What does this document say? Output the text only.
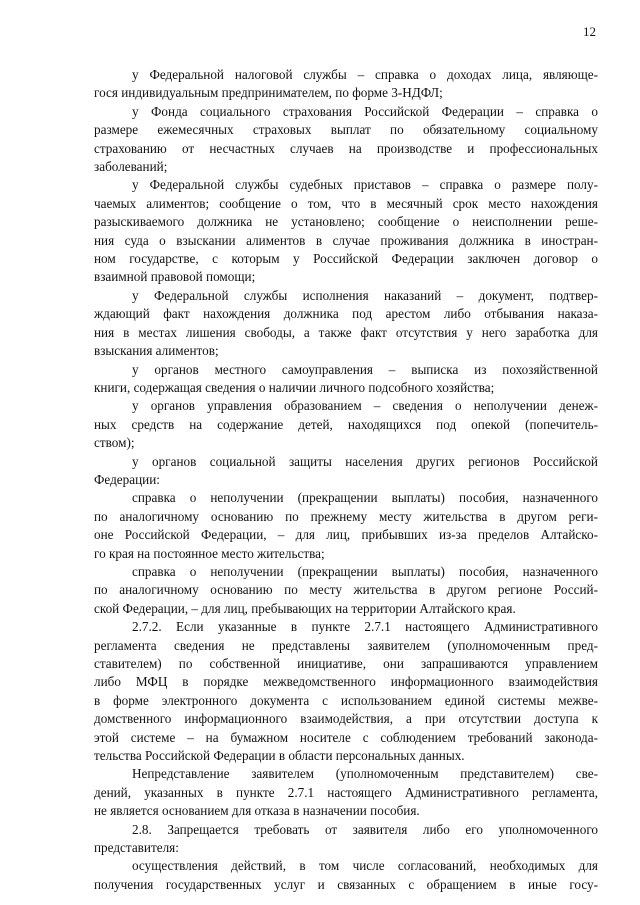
12
у Федеральной налоговой службы – справка о доходах лица, являюще-
гося индивидуальным предпринимателем, по форме 3-НДФЛ;
у Фонда социального страхования Российской Федерации – справка о
размере ежемесячных страховых выплат по обязательному социальному
страхованию от несчастных случаев на производстве и профессиональных
заболеваний;
у Федеральной службы судебных приставов – справка о размере полу-
чаемых алиментов; сообщение о том, что в месячный срок место нахождения
разыскиваемого должника не установлено; сообщение о неисполнении реше-
ния суда о взыскании алиментов в случае проживания должника в иностран-
ном государстве, с которым у Российской Федерации заключен договор о
взаимной правовой помощи;
у Федеральной службы исполнения наказаний – документ, подтвер-
ждающий факт нахождения должника под арестом либо отбывания наказа-
ния в местах лишения свободы, а также факт отсутствия у него заработка для
взыскания алиментов;
у органов местного самоуправления – выписка из похозяйственной
книги, содержащая сведения о наличии личного подсобного хозяйства;
у органов управления образованием – сведения о неполучении денеж-
ных средств на содержание детей, находящихся под опекой (попечитель-
ством);
у органов социальной защиты населения других регионов Российской
Федерации:
справка о неполучении (прекращении выплаты) пособия, назначенного
по аналогичному основанию по прежнему месту жительства в другом реги-
оне Российской Федерации, – для лиц, прибывших из-за пределов Алтайско-
го края на постоянное место жительства;
справка о неполучении (прекращении выплаты) пособия, назначенного
по аналогичному основанию по месту жительства в другом регионе Россий-
ской Федерации, – для лиц, пребывающих на территории Алтайского края.
2.7.2. Если указанные в пункте 2.7.1 настоящего Административного
регламента сведения не представлены заявителем (уполномоченным пред-
ставителем) по собственной инициативе, они запрашиваются управлением
либо МФЦ в порядке межведомственного информационного взаимодействия
в форме электронного документа с использованием единой системы межве-
домственного информационного взаимодействия, а при отсутствии доступа к
этой системе – на бумажном носителе с соблюдением требований законода-
тельства Российской Федерации в области персональных данных.
Непредставление заявителем (уполномоченным представителем) све-
дений, указанных в пункте 2.7.1 настоящего Административного регламента,
не является основанием для отказа в назначении пособия.
2.8. Запрещается требовать от заявителя либо его уполномоченного
представителя:
осуществления действий, в том числе согласований, необходимых для
получения государственных услуг и связанных с обращением в иные госу-
